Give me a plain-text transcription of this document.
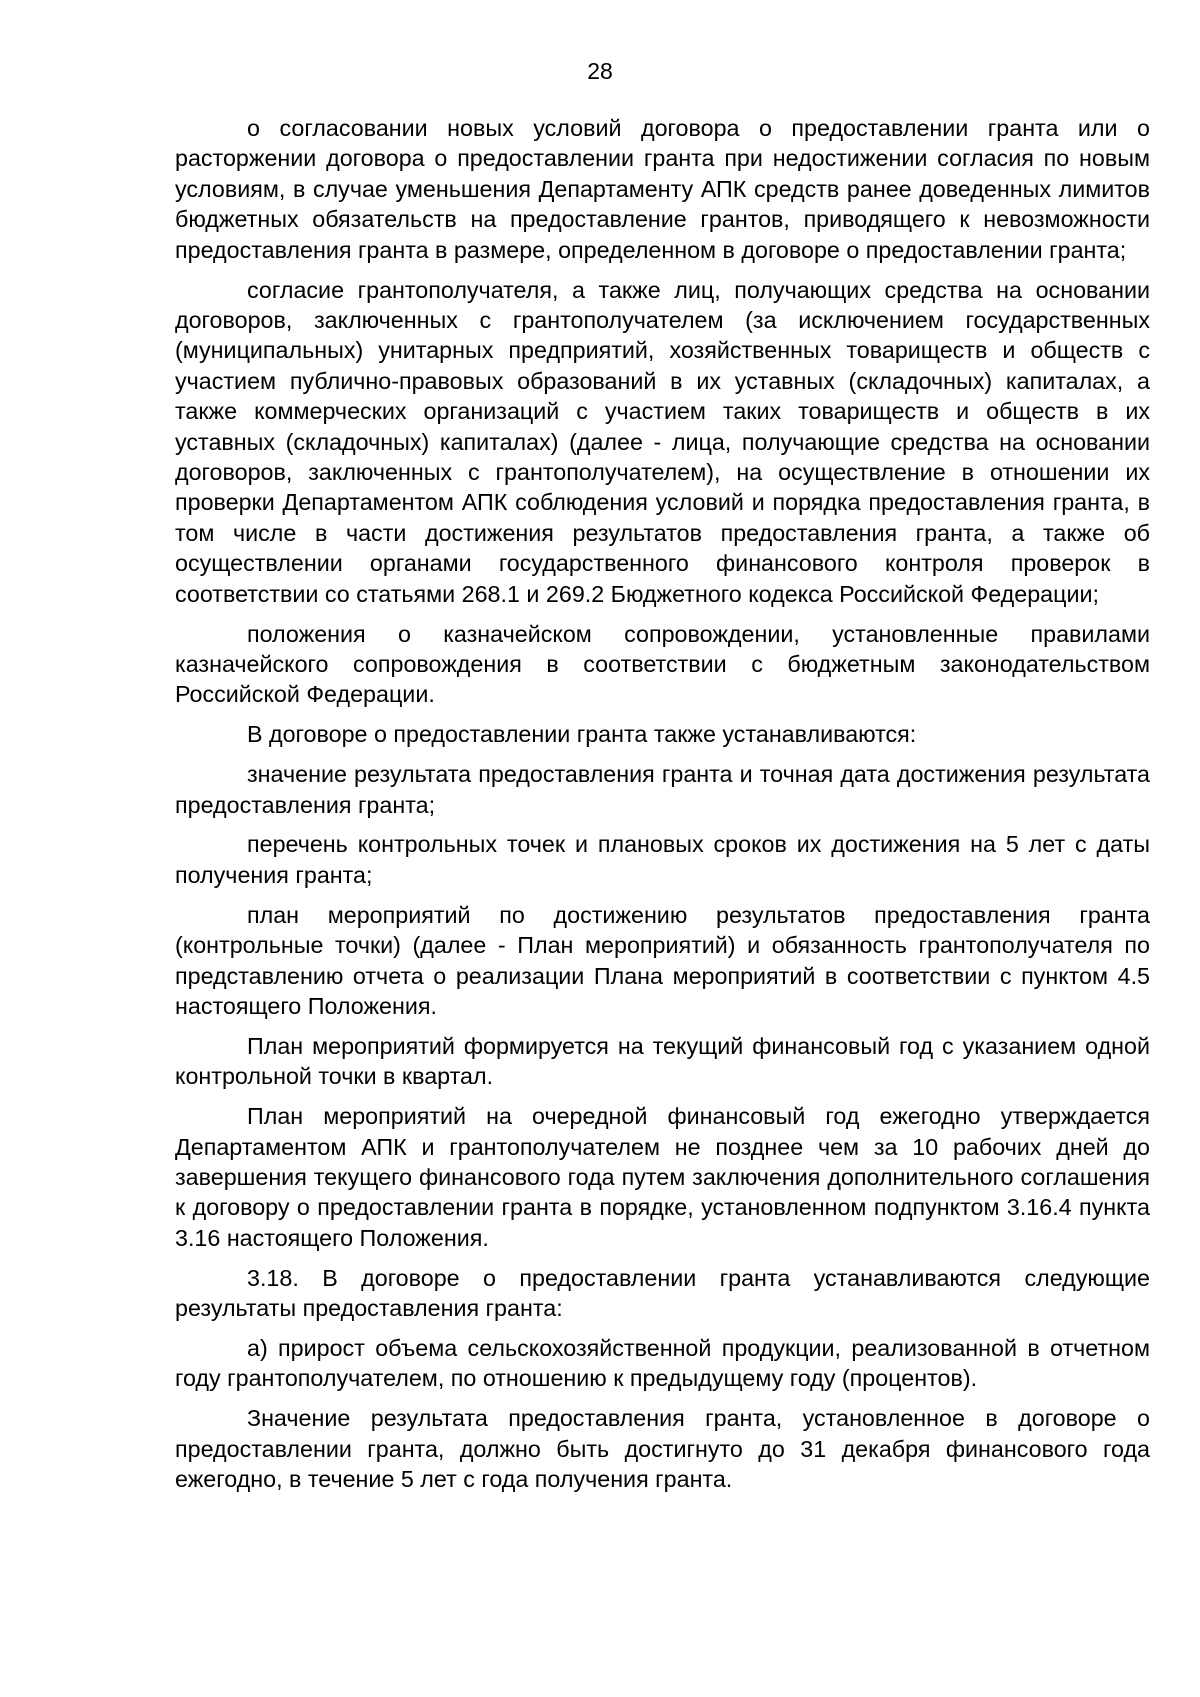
28

о согласовании новых условий договора о предоставлении гранта или о расторжении договора о предоставлении гранта при недостижении согласия по новым условиям, в случае уменьшения Департаменту АПК средств ранее доведенных лимитов бюджетных обязательств на предоставление грантов, приводящего к невозможности предоставления гранта в размере, определенном в договоре о предоставлении гранта;

согласие грантополучателя, а также лиц, получающих средства на основании договоров, заключенных с грантополучателем (за исключением государственных (муниципальных) унитарных предприятий, хозяйственных товариществ и обществ с участием публично-правовых образований в их уставных (складочных) капиталах, а также коммерческих организаций с участием таких товариществ и обществ в их уставных (складочных) капиталах) (далее - лица, получающие средства на основании договоров, заключенных с грантополучателем), на осуществление в отношении их проверки Департаментом АПК соблюдения условий и порядка предоставления гранта, в том числе в части достижения результатов предоставления гранта, а также об осуществлении органами государственного финансового контроля проверок в соответствии со статьями 268.1 и 269.2 Бюджетного кодекса Российской Федерации;

положения о казначейском сопровождении, установленные правилами казначейского сопровождения в соответствии с бюджетным законодательством Российской Федерации.

В договоре о предоставлении гранта также устанавливаются:

значение результата предоставления гранта и точная дата достижения результата предоставления гранта;

перечень контрольных точек и плановых сроков их достижения на 5 лет с даты получения гранта;

план мероприятий по достижению результатов предоставления гранта (контрольные точки) (далее - План мероприятий) и обязанность грантополучателя по представлению отчета о реализации Плана мероприятий в соответствии с пунктом 4.5 настоящего Положения.

План мероприятий формируется на текущий финансовый год с указанием одной контрольной точки в квартал.

План мероприятий на очередной финансовый год ежегодно утверждается Департаментом АПК и грантополучателем не позднее чем за 10 рабочих дней до завершения текущего финансового года путем заключения дополнительного соглашения к договору о предоставлении гранта в порядке, установленном подпунктом 3.16.4 пункта 3.16 настоящего Положения.

3.18. В договоре о предоставлении гранта устанавливаются следующие результаты предоставления гранта:

а) прирост объема сельскохозяйственной продукции, реализованной в отчетном году грантополучателем, по отношению к предыдущему году (процентов).

Значение результата предоставления гранта, установленное в договоре о предоставлении гранта, должно быть достигнуто до 31 декабря финансового года ежегодно, в течение 5 лет с года получения гранта.
